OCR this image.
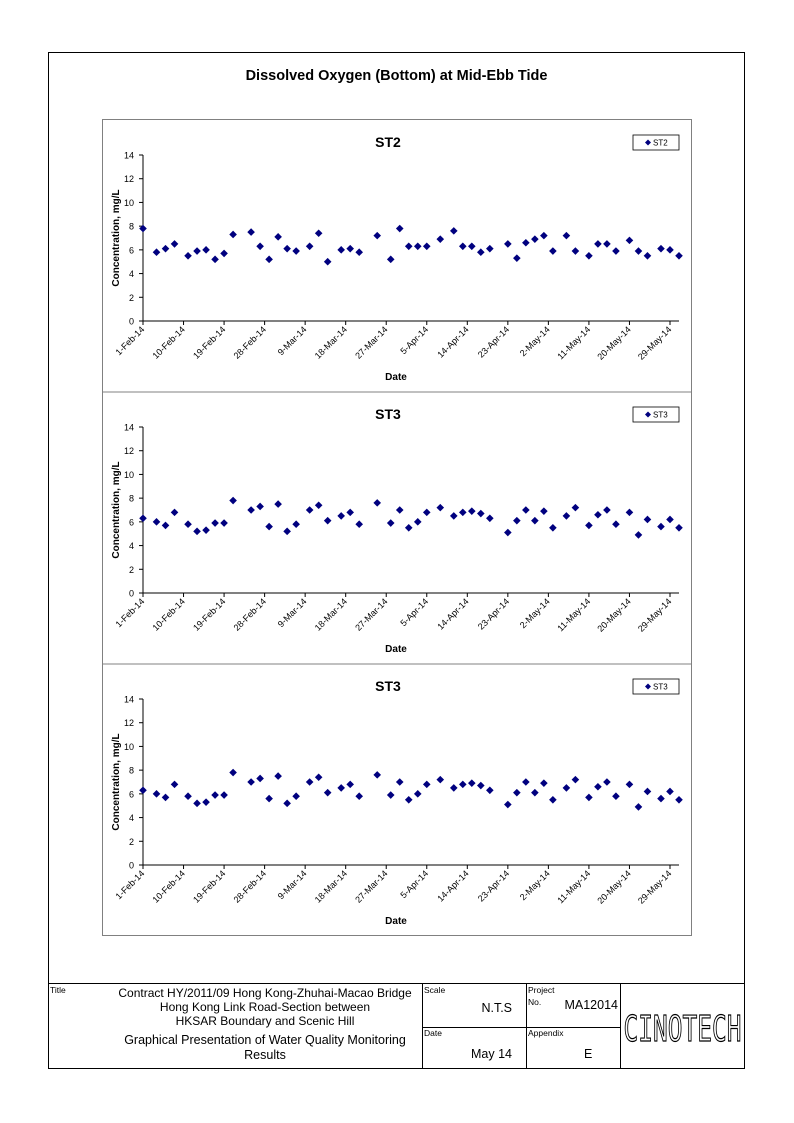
Dissolved Oxygen (Bottom) at Mid-Ebb Tide
ST2
0
2
4
6
8
10
12
14
Concentration, mg/L
1-Feb-14 10-Feb-14 19-Feb-14 28-Feb-14 9-Mar-14 18-Mar-14 27-Mar-14 5-Apr-14 14-Apr-14 23-Apr-14 2-May-14 11-May-14 20-May-14 29-May-14
Date
ST2
ST3
0
2
4
6
8
10
12
14
Concentration, mg/L
1-Feb-14 10-Feb-14 19-Feb-14 28-Feb-14 9-Mar-14 18-Mar-14 27-Mar-14 5-Apr-14 14-Apr-14 23-Apr-14 2-May-14 11-May-14 20-May-14 29-May-14
Date
ST3
ST3
0
2
4
6
8
10
12
14
Concentration, mg/L
1-Feb-14 10-Feb-14 19-Feb-14 28-Feb-14 9-Mar-14 18-Mar-14 27-Mar-14 5-Apr-14 14-Apr-14 23-Apr-14 2-May-14 11-May-14 20-May-14 29-May-14
Date
ST3
Title	Contract HY/2011/09 Hong Kong-Zhuhai-Macao Bridge
Hong Kong Link Road-Section between
HKSAR Boundary and Scenic Hill
Graphical Presentation of Water Quality Monitoring
Results
Scale
N.T.S
Project
No. MA12014
Date
May 14
Appendix
E
CINOTECH
